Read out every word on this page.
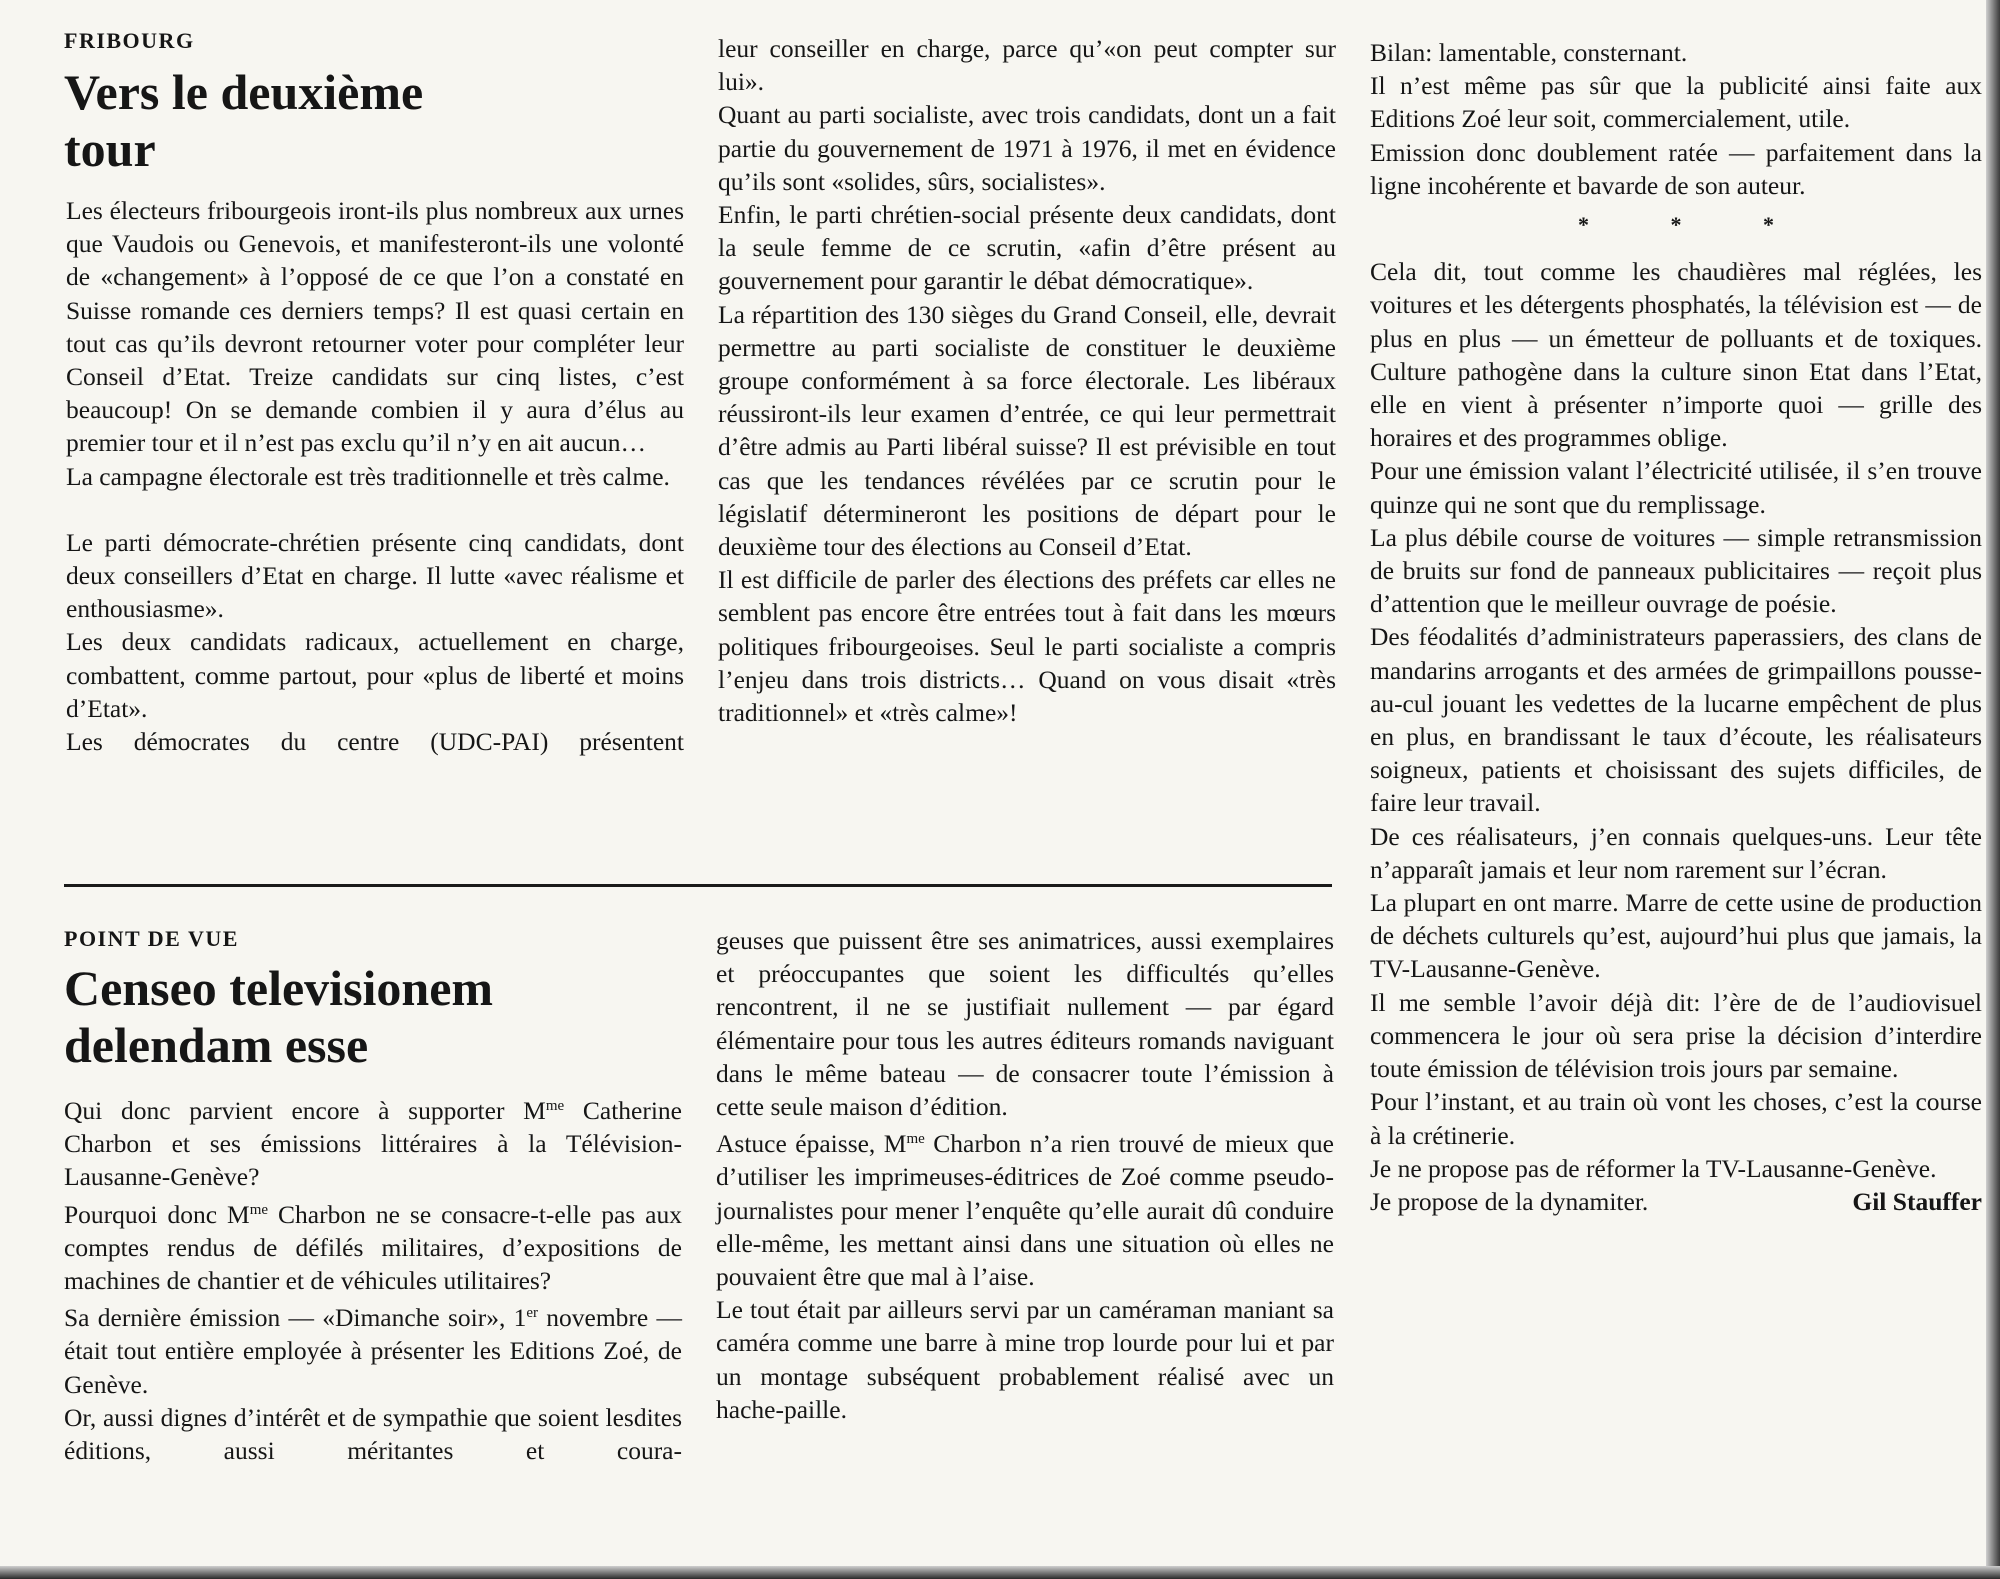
FRIBOURG
Vers le deuxième
tour

Les électeurs fribourgeois iront-ils plus nombreux aux urnes que Vaudois ou Genevois, et manifesteront-ils une volonté de «changement» à l’opposé de ce que l’on a constaté en Suisse romande ces derniers temps? Il est quasi certain en tout cas qu’ils devront retourner voter pour compléter leur Conseil d’Etat. Treize candidats sur cinq listes, c’est beaucoup! On se demande combien il y aura d’élus au premier tour et il n’est pas exclu qu’il n’y en ait aucun…

La campagne électorale est très traditionnelle et très calme.

Le parti démocrate-chrétien présente cinq candidats, dont deux conseillers d’Etat en charge. Il lutte «avec réalisme et enthousiasme».

Les deux candidats radicaux, actuellement en charge, combattent, comme partout, pour «plus de liberté et moins d’Etat».

Les démocrates du centre (UDC-PAI) présentent

leur conseiller en charge, parce qu’«on peut compter sur lui».

Quant au parti socialiste, avec trois candidats, dont un a fait partie du gouvernement de 1971 à 1976, il met en évidence qu’ils sont «solides, sûrs, socialistes».

Enfin, le parti chrétien-social présente deux candidats, dont la seule femme de ce scrutin, «afin d’être présent au gouvernement pour garantir le débat démocratique».

La répartition des 130 sièges du Grand Conseil, elle, devrait permettre au parti socialiste de constituer le deuxième groupe conformément à sa force électorale. Les libéraux réussiront-ils leur examen d’entrée, ce qui leur permettrait d’être admis au Parti libéral suisse? Il est prévisible en tout cas que les tendances révélées par ce scrutin pour le législatif détermineront les positions de départ pour le deuxième tour des élections au Conseil d’Etat.

Il est difficile de parler des élections des préfets car elles ne semblent pas encore être entrées tout à fait dans les mœurs politiques fribourgeoises. Seul le parti socialiste a compris l’enjeu dans trois districts… Quand on vous disait «très traditionnel» et «très calme»!

POINT DE VUE
Censeo televisionem
delendam esse

Qui donc parvient encore à supporter $M^{me}$ Catherine Charbon et ses émissions littéraires à la Télévision-Lausanne-Genève?

Pourquoi donc $M^{me}$ Charbon ne se consacre-t-elle pas aux comptes rendus de défilés militaires, d’expositions de machines de chantier et de véhicules utilitaires?

Sa dernière émission — «Dimanche soir», 1er novembre — était tout entière employée à présenter les Editions Zoé, de Genève.

Or, aussi dignes d’intérêt et de sympathie que soient lesdites éditions, aussi méritantes et coura-

geuses que puissent être ses animatrices, aussi exemplaires et préoccupantes que soient les difficultés qu’elles rencontrent, il ne se justifiait nullement — par égard élémentaire pour tous les autres éditeurs romands naviguant dans le même bateau — de consacrer toute l’émission à cette seule maison d’édition.

Astuce épaisse, $M^{me}$ Charbon n’a rien trouvé de mieux que d’utiliser les imprimeuses-éditrices de Zoé comme pseudo-journalistes pour mener l’enquête qu’elle aurait dû conduire elle-même, les mettant ainsi dans une situation où elles ne pouvaient être que mal à l’aise.

Le tout était par ailleurs servi par un caméraman maniant sa caméra comme une barre à mine trop lourde pour lui et par un montage subséquent probablement réalisé avec un hache-paille.

Bilan: lamentable, consternant.

Il n’est même pas sûr que la publicité ainsi faite aux Editions Zoé leur soit, commercialement, utile.

Emission donc doublement ratée — parfaitement dans la ligne incohérente et bavarde de son auteur.

* * *

Cela dit, tout comme les chaudières mal réglées, les voitures et les détergents phosphatés, la télévision est — de plus en plus — un émetteur de polluants et de toxiques. Culture pathogène dans la culture sinon Etat dans l’Etat, elle en vient à présenter n’importe quoi — grille des horaires et des programmes oblige.

Pour une émission valant l’électricité utilisée, il s’en trouve quinze qui ne sont que du remplissage.

La plus débile course de voitures — simple retransmission de bruits sur fond de panneaux publicitaires — reçoit plus d’attention que le meilleur ouvrage de poésie.

Des féodalités d’administrateurs paperassiers, des clans de mandarins arrogants et des armées de grimpaillons pousse-au-cul jouant les vedettes de la lucarne empêchent de plus en plus, en brandissant le taux d’écoute, les réalisateurs soigneux, patients et choisissant des sujets difficiles, de faire leur travail.

De ces réalisateurs, j’en connais quelques-uns. Leur tête n’apparaît jamais et leur nom rarement sur l’écran.

La plupart en ont marre. Marre de cette usine de production de déchets culturels qu’est, aujourd’hui plus que jamais, la TV-Lausanne-Genève.

Il me semble l’avoir déjà dit: l’ère de de l’audiovisuel commencera le jour où sera prise la décision d’interdire toute émission de télévision trois jours par semaine.

Pour l’instant, et au train où vont les choses, c’est la course à la crétinerie.

Je ne propose pas de réformer la TV-Lausanne-Genève.

Je propose de la dynamiter.	Gil Stauffer
